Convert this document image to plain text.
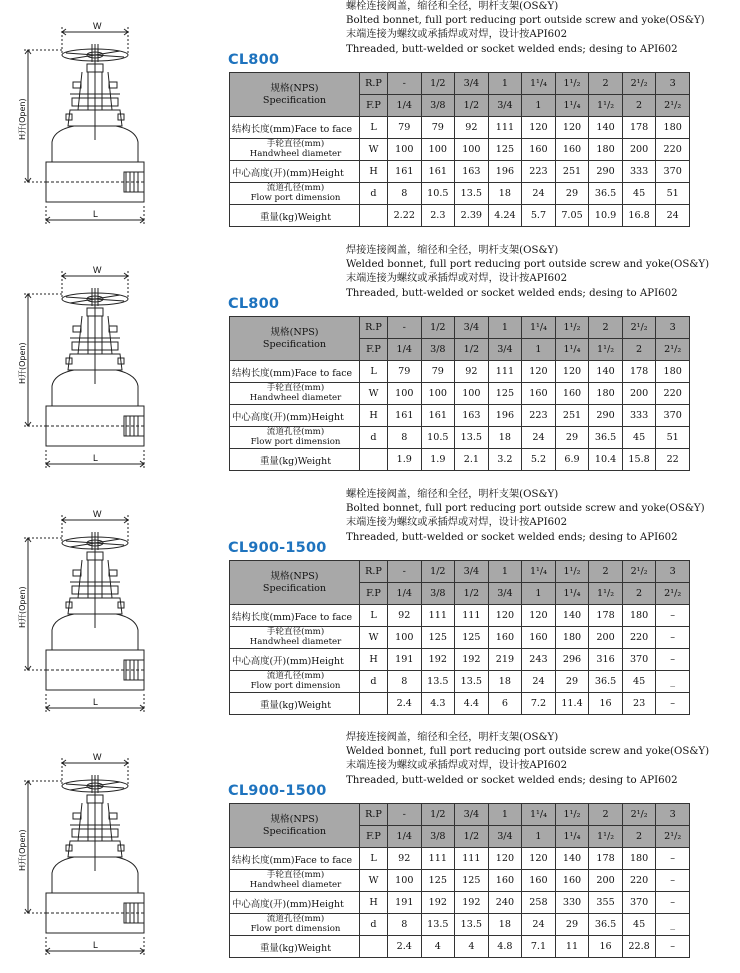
W
L
H开(Open)
螺栓连接阀盖，缩径和全径，明杆支架(OS&Y)
Bolted bonnet, full port reducing port outside screw and yoke(OS&Y)
末端连接为螺纹或承插焊或对焊，设计按API602
Threaded, butt-welded or socket welded ends; desing to API602
CL800
规格(NPS)
Specification	R.P	-	1/2	3/4	1	1¹/₄	1¹/₂	2	2¹/₂	3
	F.P	1/4	3/8	1/2	3/4	1	1¹/₄	1¹/₂	2	2¹/₂
结构长度(mm)Face to face	L	79	79	92	111	120	120	140	178	180

手轮直径(mm)
Handwheel diameter	W	100	100	100	125	160	160	180	200	220
中心高度(开)(mm)Height	H	161	161	163	196	223	251	290	333	370

流道孔径(mm)
Flow port dimension	d	8	10.5	13.5	18	24	29	36.5	45	51
重量(kg)Weight		2.22	2.3	2.39	4.24	5.7	7.05	10.9	16.8	24
W
L
H开(Open)
焊接连接阀盖，缩径和全径，明杆支架(OS&Y)
Welded bonnet, full port reducing port outside screw and yoke(OS&Y)
末端连接为螺纹或承插焊或对焊，设计按API602
Threaded, butt-welded or socket welded ends; desing to API602
CL800
规格(NPS)
Specification	R.P	-	1/2	3/4	1	1¹/₄	1¹/₂	2	2¹/₂	3
	F.P	1/4	3/8	1/2	3/4	1	1¹/₄	1¹/₂	2	2¹/₂
结构长度(mm)Face to face	L	79	79	92	111	120	120	140	178	180

手轮直径(mm)
Handwheel diameter	W	100	100	100	125	160	160	180	200	220
中心高度(开)(mm)Height	H	161	161	163	196	223	251	290	333	370

流道孔径(mm)
Flow port dimension	d	8	10.5	13.5	18	24	29	36.5	45	51
重量(kg)Weight		1.9	1.9	2.1	3.2	5.2	6.9	10.4	15.8	22
W
L
H开(Open)
螺栓连接阀盖，缩径和全径，明杆支架(OS&Y)
Bolted bonnet, full port reducing port outside screw and yoke(OS&Y)
末端连接为螺纹或承插焊或对焊，设计按API602
Threaded, butt-welded or socket welded ends; desing to API602
CL900-1500
规格(NPS)
Specification	R.P	-	1/2	3/4	1	1¹/₄	1¹/₂	2	2¹/₂	3
	F.P	1/4	3/8	1/2	3/4	1	1¹/₄	1¹/₂	2	2¹/₂
结构长度(mm)Face to face	L	92	111	111	120	120	140	178	180	–

手轮直径(mm)
Handwheel diameter	W	100	125	125	160	160	180	200	220	–
中心高度(开)(mm)Height	H	191	192	192	219	243	296	316	370	–

流道孔径(mm)
Flow port dimension	d	8	13.5	13.5	18	24	29	36.5	45	_
重量(kg)Weight		2.4	4.3	4.4	6	7.2	11.4	16	23	–
W
L
H开(Open)
焊接连接阀盖，缩径和全径，明杆支架(OS&Y)
Welded bonnet, full port reducing port outside screw and yoke(OS&Y)
末端连接为螺纹或承插焊或对焊，设计按API602
Threaded, butt-welded or socket welded ends; desing to API602
CL900-1500
规格(NPS)
Specification	R.P	-	1/2	3/4	1	1¹/₄	1¹/₂	2	2¹/₂	3
	F.P	1/4	3/8	1/2	3/4	1	1¹/₄	1¹/₂	2	2¹/₂
结构长度(mm)Face to face	L	92	111	111	120	120	140	178	180	–

手轮直径(mm)
Handwheel diameter	W	100	125	125	160	160	160	200	220	–
中心高度(开)(mm)Height	H	191	192	192	240	258	330	355	370	–

流道孔径(mm)
Flow port dimension	d	8	13.5	13.5	18	24	29	36.5	45	_
重量(kg)Weight		2.4	4	4	4.8	7.1	11	16	22.8	–
